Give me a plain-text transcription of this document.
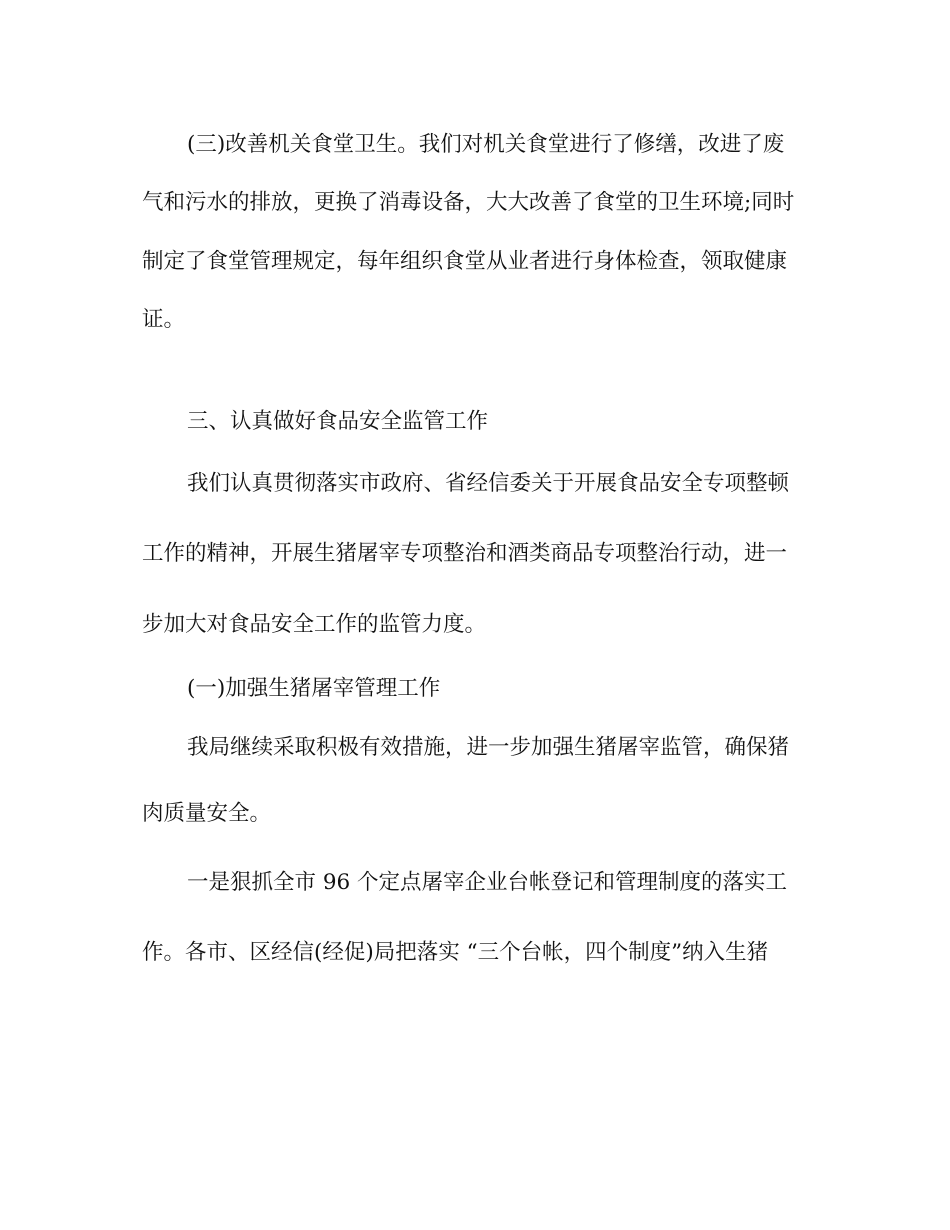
(三)改善机关食堂卫生。我们对机关食堂进行了修缮，改进了废
气和污水的排放，更换了消毒设备，大大改善了食堂的卫生环境;同时
制定了食堂管理规定，每年组织食堂从业者进行身体检查，领取健康
证。
三、认真做好食品安全监管工作
我们认真贯彻落实市政府、省经信委关于开展食品安全专项整顿
工作的精神，开展生猪屠宰专项整治和酒类商品专项整治行动，进一
步加大对食品安全工作的监管力度。
(一)加强生猪屠宰管理工作
我局继续采取积极有效措施，进一步加强生猪屠宰监管，确保猪
肉质量安全。
一是狠抓全市 96 个定点屠宰企业台帐登记和管理制度的落实工
作。各市、区经信(经促)局把落实 “三个台帐，四个制度”纳入生猪
